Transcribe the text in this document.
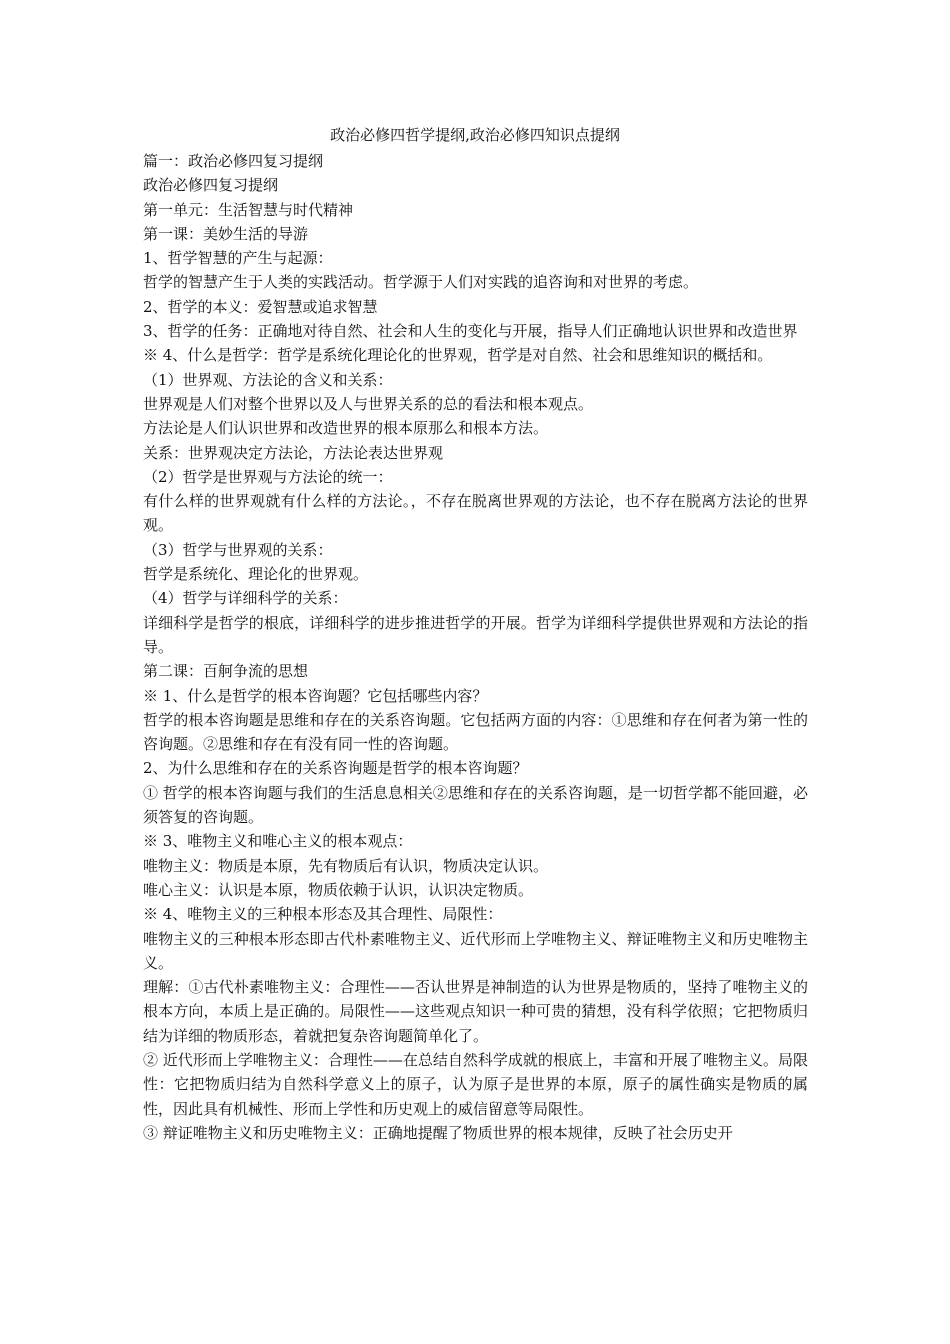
政治必修四哲学提纲,政治必修四知识点提纲

篇一：政治必修四复习提纲

政治必修四复习提纲

第一单元：生活智慧与时代精神

第一课：美妙生活的导游

1、哲学智慧的产生与起源：

哲学的智慧产生于人类的实践活动。哲学源于人们对实践的追咨询和对世界的考虑。

2、哲学的本义：爱智慧或追求智慧

3、哲学的任务：正确地对待自然、社会和人生的变化与开展，指导人们正确地认识世界和改造世界

※ 4、什么是哲学：哲学是系统化理论化的世界观，哲学是对自然、社会和思维知识的概括和。

（1）世界观、方法论的含义和关系：

世界观是人们对整个世界以及人与世界关系的总的看法和根本观点。

方法论是人们认识世界和改造世界的根本原那么和根本方法。

关系：世界观决定方法论，方法论表达世界观

（2）哲学是世界观与方法论的统一：

有什么样的世界观就有什么样的方法论。，不存在脱离世界观的方法论，也不存在脱离方法论的世界观。

（3）哲学与世界观的关系：

哲学是系统化、理论化的世界观。

（4）哲学与详细科学的关系：

详细科学是哲学的根底，详细科学的进步推进哲学的开展。哲学为详细科学提供世界观和方法论的指导。

第二课：百舸争流的思想

※ 1、什么是哲学的根本咨询题？它包括哪些内容？

哲学的根本咨询题是思维和存在的关系咨询题。它包括两方面的内容：①思维和存在何者为第一性的咨询题。②思维和存在有没有同一性的咨询题。

2、为什么思维和存在的关系咨询题是哲学的根本咨询题？

① 哲学的根本咨询题与我们的生活息息相关②思维和存在的关系咨询题，是一切哲学都不能回避，必须答复的咨询题。

※ 3、唯物主义和唯心主义的根本观点：

唯物主义：物质是本原，先有物质后有认识，物质决定认识。

唯心主义：认识是本原，物质依赖于认识，认识决定物质。

※ 4、唯物主义的三种根本形态及其合理性、局限性：

唯物主义的三种根本形态即古代朴素唯物主义、近代形而上学唯物主义、辩证唯物主义和历史唯物主义。

理解：①古代朴素唯物主义：合理性——否认世界是神制造的认为世界是物质的，坚持了唯物主义的根本方向，本质上是正确的。局限性——这些观点知识一种可贵的猜想，没有科学依照；它把物质归结为详细的物质形态，着就把复杂咨询题简单化了。

② 近代形而上学唯物主义：合理性——在总结自然科学成就的根底上，丰富和开展了唯物主义。局限性：它把物质归结为自然科学意义上的原子，认为原子是世界的本原，原子的属性确实是物质的属性，因此具有机械性、形而上学性和历史观上的威信留意等局限性。

③ 辩证唯物主义和历史唯物主义：正确地提醒了物质世界的根本规律，反映了社会历史开
